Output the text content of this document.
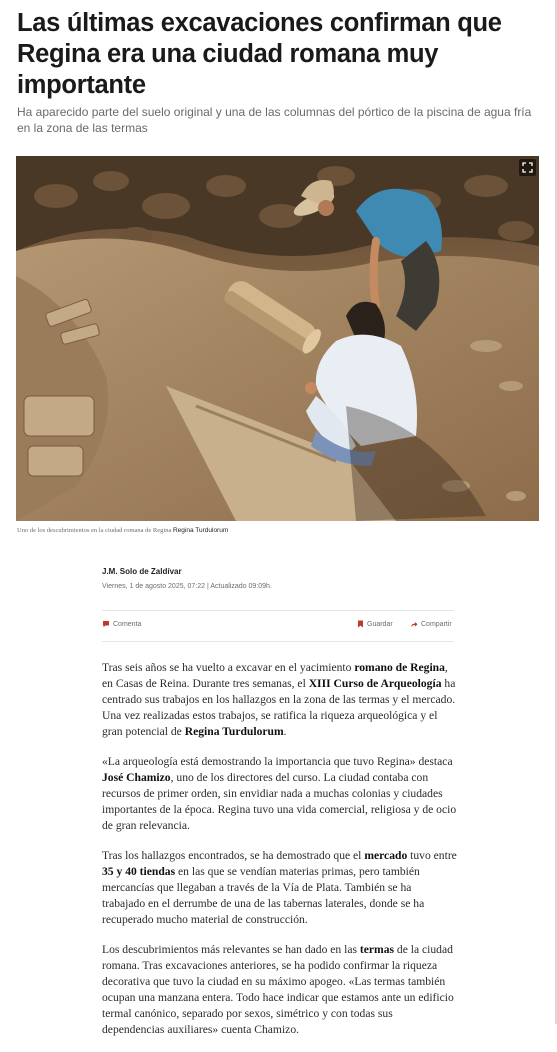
Las últimas excavaciones confirman que Regina era una ciudad romana muy importante

Ha aparecido parte del suelo original y una de las columnas del pórtico de la piscina de agua fría en la zona de las termas

Uno de los descubrimientos en la ciudad romana de Regina Regina Turdulorum
J.M. Solo de Zaldívar
Viernes, 1 de agosto 2025, 07:22 | Actualizado 09:09h.
Comenta	Guardar	Compartir

Tras seis años se ha vuelto a excavar en el yacimiento romano de Regina, en Casas de Reina. Durante tres semanas, el XIII Curso de Arqueología ha centrado sus trabajos en los hallazgos en la zona de las termas y el mercado. Una vez realizadas estos trabajos, se ratifica la riqueza arqueológica y el gran potencial de Regina Turdulorum.

«La arqueología está demostrando la importancia que tuvo Regina» destaca José Chamizo, uno de los directores del curso. La ciudad contaba con recursos de primer orden, sin envidiar nada a muchas colonias y ciudades importantes de la época. Regina tuvo una vida comercial, religiosa y de ocio de gran relevancia.

Tras los hallazgos encontrados, se ha demostrado que el mercado tuvo entre 35 y 40 tiendas en las que se vendían materias primas, pero también mercancías que llegaban a través de la Vía de Plata. También se ha trabajado en el derrumbe de una de las tabernas laterales, donde se ha recuperado mucho material de construcción.

Los descubrimientos más relevantes se han dado en las termas de la ciudad romana. Tras excavaciones anteriores, se ha podido confirmar la riqueza decorativa que tuvo la ciudad en su máximo apogeo. «Las termas también ocupan una manzana entera. Todo hace indicar que estamos ante un edificio termal canónico, separado por sexos, simétrico y con todas sus dependencias auxiliares» cuenta Chamizo.
